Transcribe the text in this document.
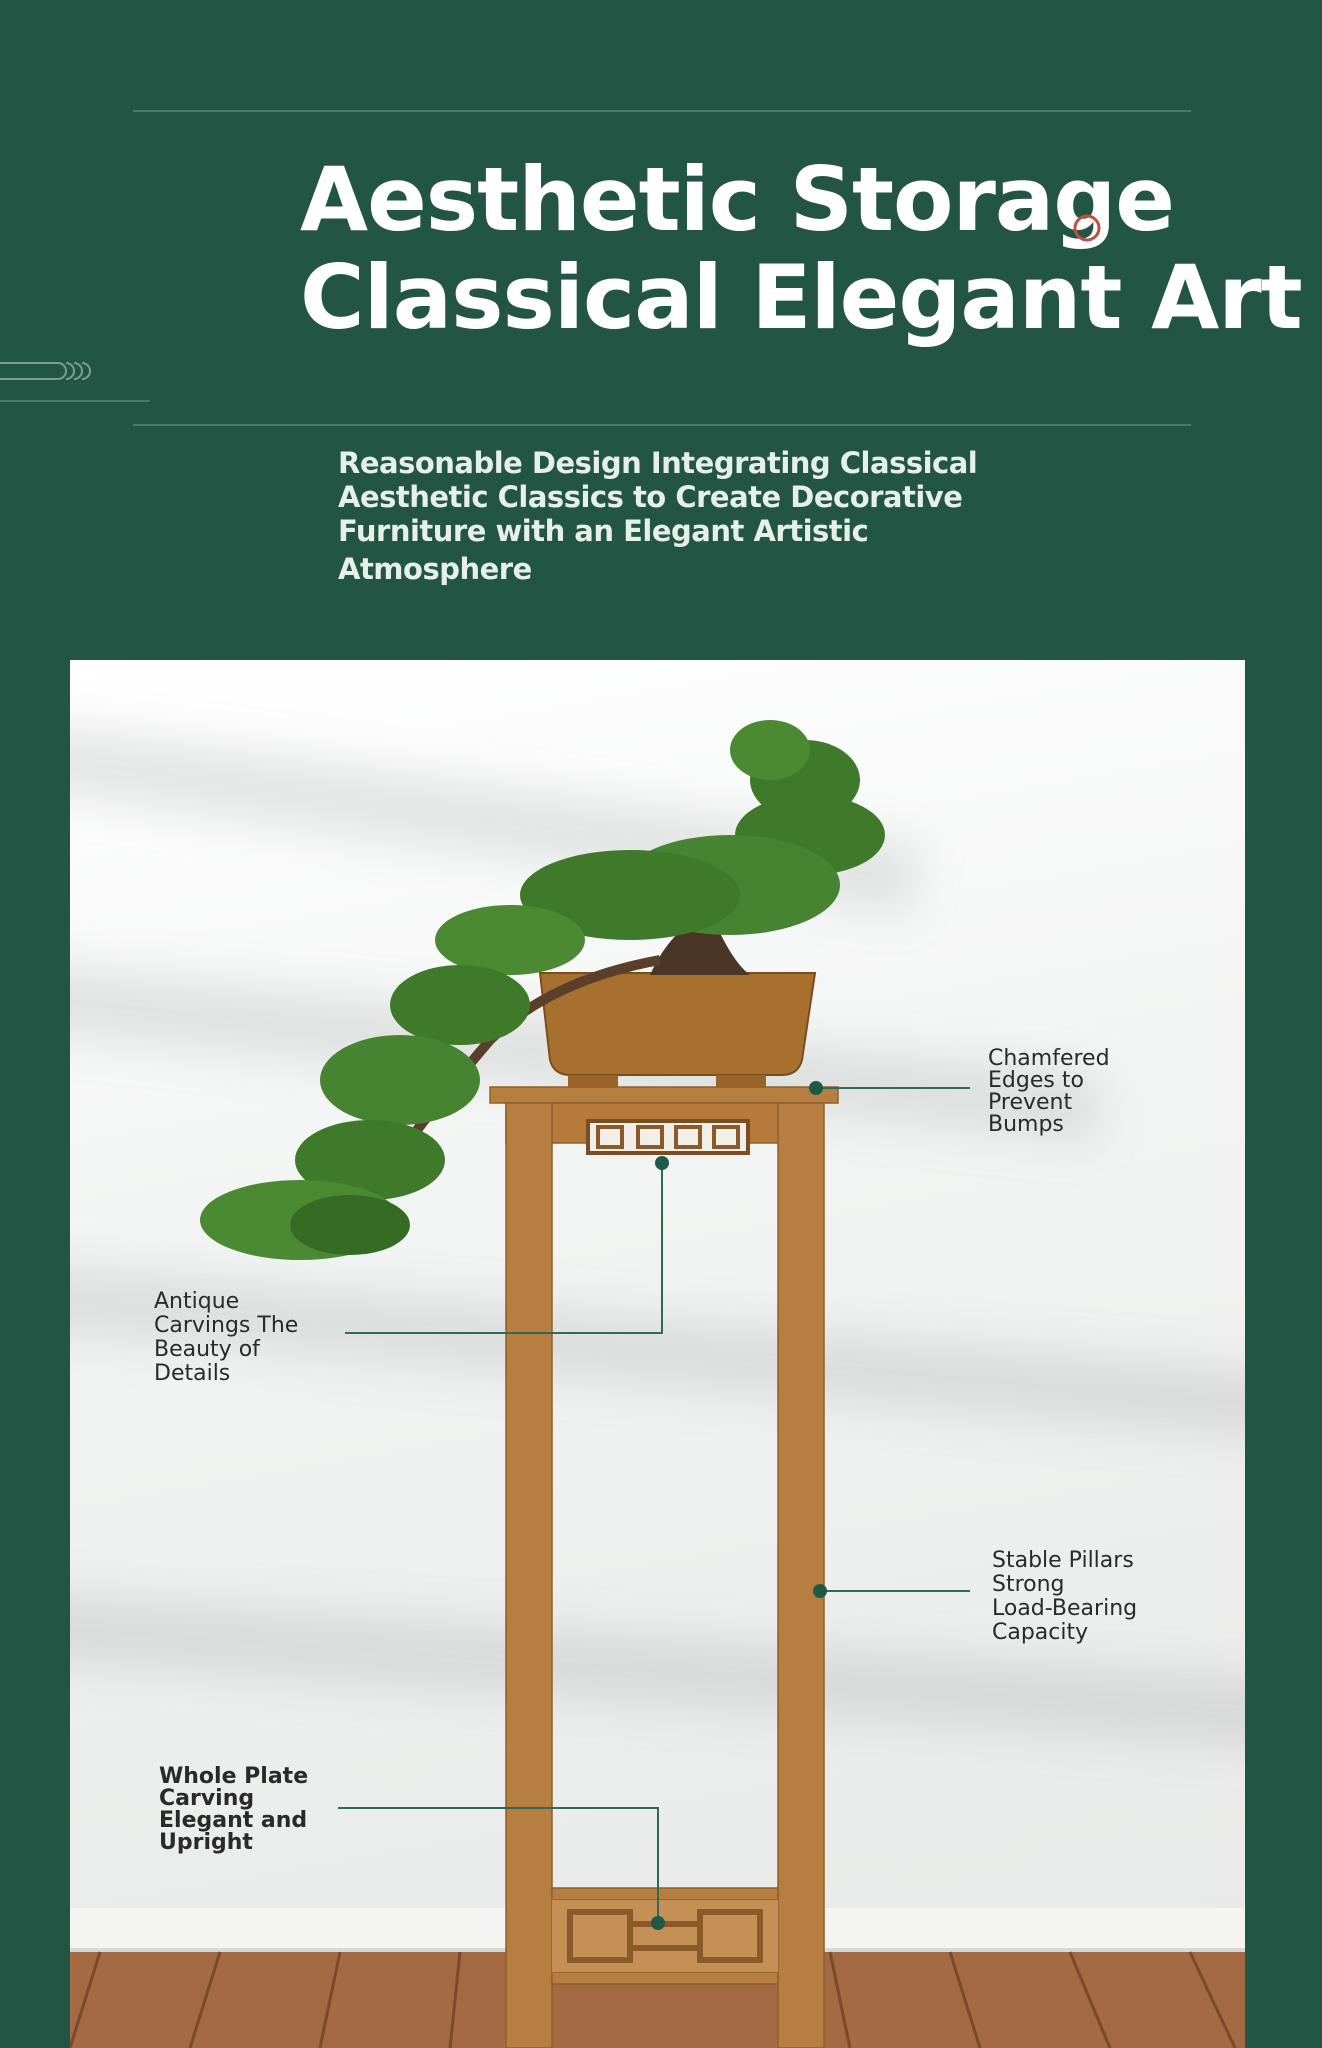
Aesthetic Storage
Classical Elegant Art
Reasonable Design Integrating Classical
Aesthetic Classics to Create Decorative
Furniture with an Elegant Artistic
Atmosphere
Chamfered
Edges to
Prevent
Bumps
Antique
Carvings The
Beauty of
Details
Stable Pillars
Strong
Load-Bearing
Capacity
Whole Plate
Carving
Elegant and
Upright
